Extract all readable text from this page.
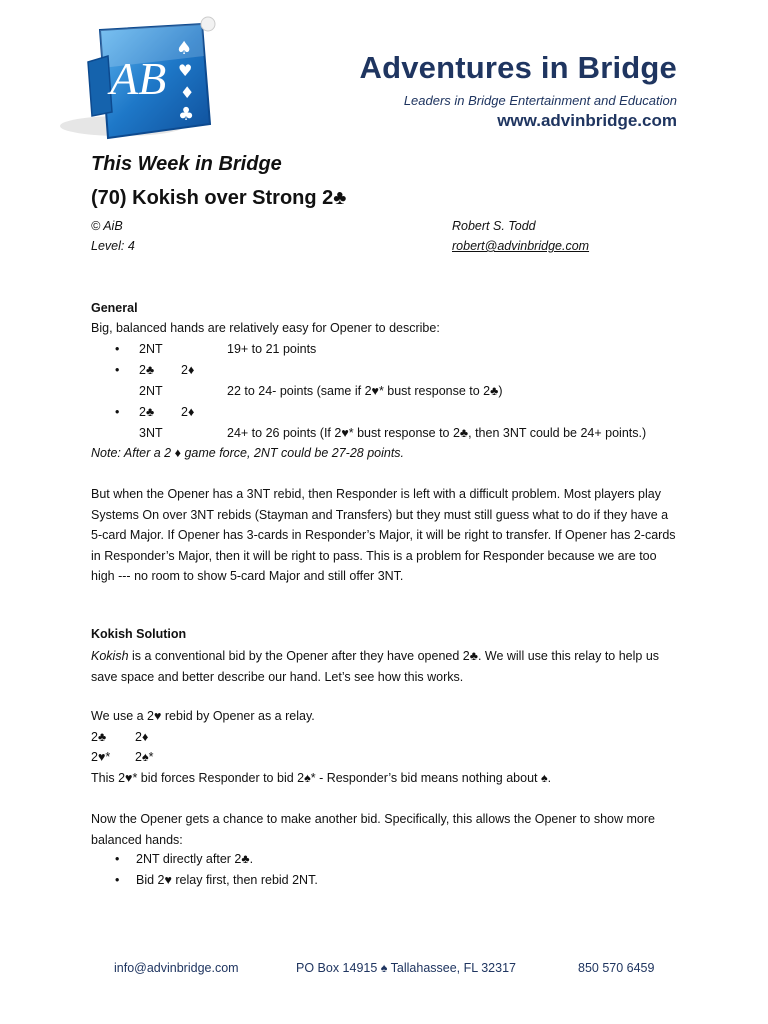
AB
♠
♥
♦
♣
Adventures in Bridge
Leaders in Bridge Entertainment and Education
www.advinbridge.com
This Week in Bridge
(70) Kokish over Strong 2♣
© AiB
Level: 4
Robert S. Todd
robert@advinbridge.com
General
Big, balanced hands are relatively easy for Opener to describe:
• 2NT	19+ to 21 points
• 2♣ 2♦
2NT	22 to 24- points (same if 2♥* bust response to 2♣)
• 2♣ 2♦
3NT	24+ to 26 points (If 2♥* bust response to 2♣, then 3NT could be 24+ points.)
Note: After a 2 ♦ game force, 2NT could be 27-28 points.
But when the Opener has a 3NT rebid, then Responder is left with a difficult problem. Most players play Systems On over 3NT rebids (Stayman and Transfers) but they must still guess what to do if they have a 5-card Major. If Opener has 3-cards in Responder’s Major, it will be right to transfer. If Opener has 2-cards in Responder’s Major, then it will be right to pass. This is a problem for Responder because we are too high --- no room to show 5-card Major and still offer 3NT.
Kokish Solution
Kokish is a conventional bid by the Opener after they have opened 2♣. We will use this relay to help us save space and better describe our hand. Let’s see how this works.
We use a 2♥ rebid by Opener as a relay.
2♣ 2♦
2♥* 2♠*
This 2♥* bid forces Responder to bid 2♠* - Responder’s bid means nothing about ♠.
Now the Opener gets a chance to make another bid. Specifically, this allows the Opener to show more balanced hands:
• 2NT directly after 2♣.
• Bid 2♥ relay first, then rebid 2NT.
info@advinbridge.com	PO Box 14915 ♠ Tallahassee, FL 32317	850 570 6459
